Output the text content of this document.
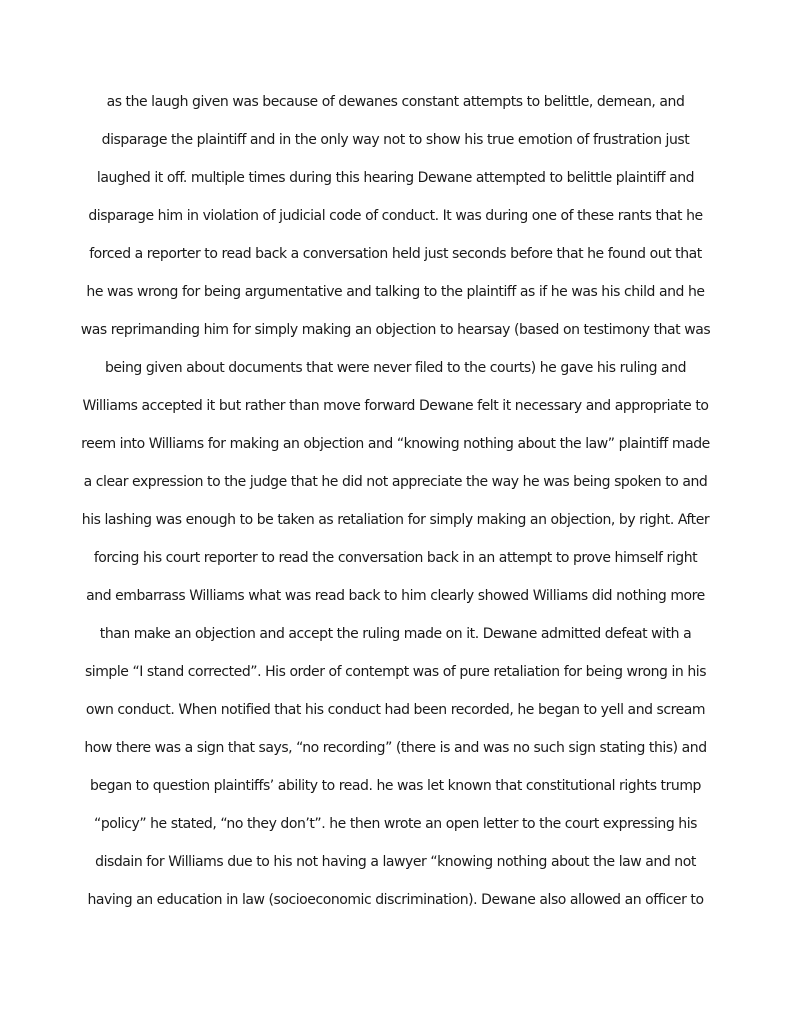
as the laugh given was because of dewanes constant attempts to belittle, demean, and
disparage the plaintiff and in the only way not to show his true emotion of frustration just
laughed it off. multiple times during this hearing Dewane attempted to belittle plaintiff and
disparage him in violation of judicial code of conduct. It was during one of these rants that he
forced a reporter to read back a conversation held just seconds before that he found out that
he was wrong for being argumentative and talking to the plaintiff as if he was his child and he
was reprimanding him for simply making an objection to hearsay (based on testimony that was
being given about documents that were never filed to the courts) he gave his ruling and
Williams accepted it but rather than move forward Dewane felt it necessary and appropriate to
reem into Williams for making an objection and “knowing nothing about the law” plaintiff made
a clear expression to the judge that he did not appreciate the way he was being spoken to and
his lashing was enough to be taken as retaliation for simply making an objection, by right. After
forcing his court reporter to read the conversation back in an attempt to prove himself right
and embarrass Williams what was read back to him clearly showed Williams did nothing more
than make an objection and accept the ruling made on it. Dewane admitted defeat with a
simple “I stand corrected”. His order of contempt was of pure retaliation for being wrong in his
own conduct. When notified that his conduct had been recorded, he began to yell and scream
how there was a sign that says, “no recording” (there is and was no such sign stating this) and
began to question plaintiffs’ ability to read. he was let known that constitutional rights trump
“policy” he stated, “no they don’t”. he then wrote an open letter to the court expressing his
disdain for Williams due to his not having a lawyer “knowing nothing about the law and not
having an education in law (socioeconomic discrimination). Dewane also allowed an officer to
